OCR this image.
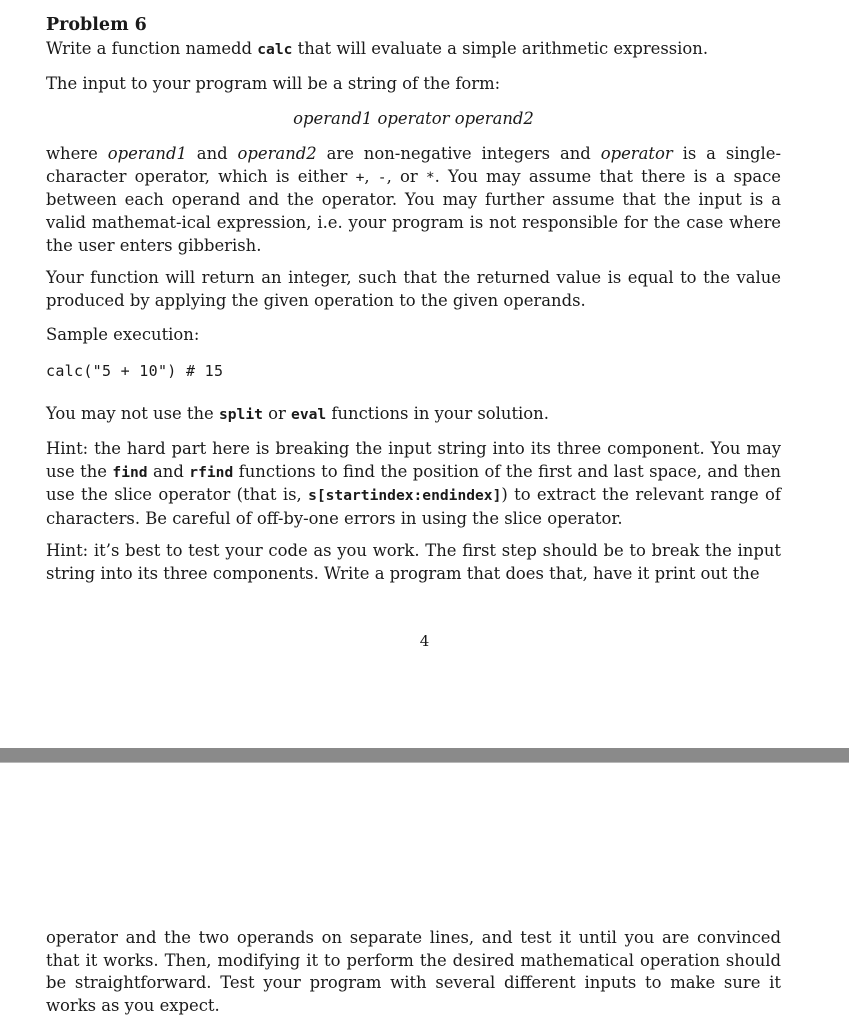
Problem 6

Write a function namedd calc that will evaluate a simple arithmetic expression.

The input to your program will be a string of the form:

operand1 operator operand2

where operand1 and operand2 are non-negative integers and operator is a single-character operator, which is either +, -, or *. You may assume that there is a space between each operand and the operator. You may further assume that the input is a valid mathemat-ical expression, i.e. your program is not responsible for the case where the user enters gibberish.

Your function will return an integer, such that the returned value is equal to the value produced by applying the given operation to the given operands.

Sample execution:

calc("5 + 10") # 15

You may not use the split or eval functions in your solution.

Hint: the hard part here is breaking the input string into its three component. You may use the find and rfind functions to find the position of the first and last space, and then use the slice operator (that is, s[startindex:endindex]) to extract the relevant range of characters. Be careful of off-by-one errors in using the slice operator.

Hint: it’s best to test your code as you work. The first step should be to break the input string into its three components. Write a program that does that, have it print out the

4

operator and the two operands on separate lines, and test it until you are convinced that it works. Then, modifying it to perform the desired mathematical operation should be straightforward. Test your program with several different inputs to make sure it works as you expect.
